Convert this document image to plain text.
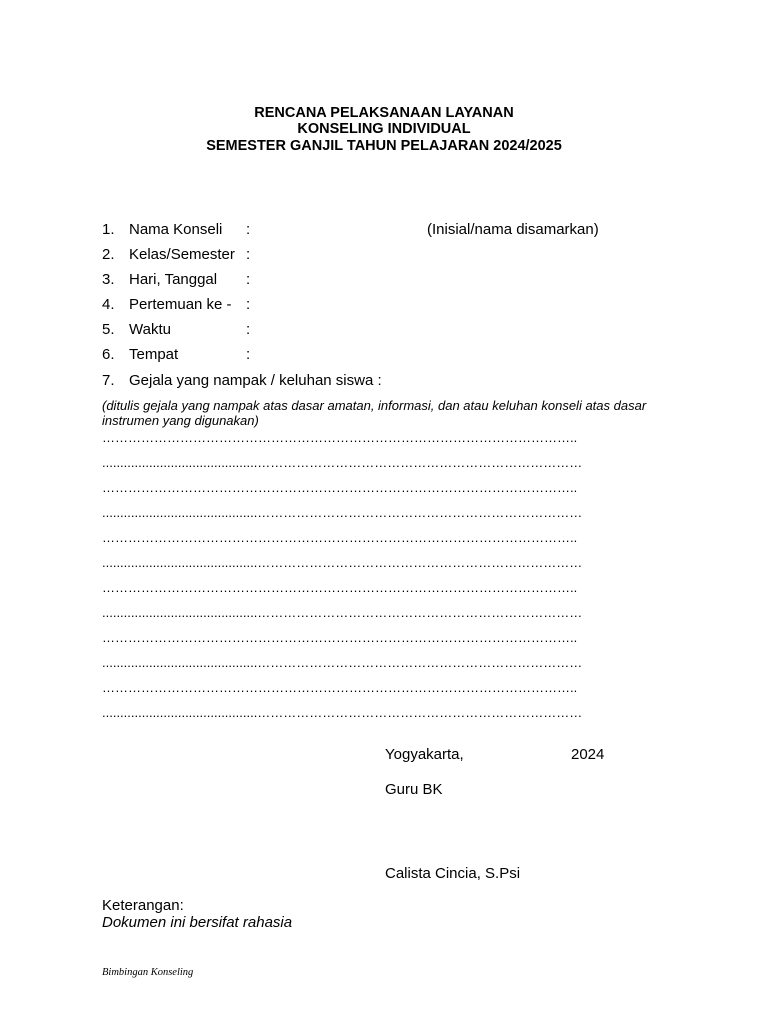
RENCANA PELAKSANAAN LAYANAN
KONSELING INDIVIDUAL
SEMESTER GANJIL TAHUN PELAJARAN 2024/2025
1. Nama Konseli :	(Inisial/nama disamarkan)
2. Kelas/Semester :
3. Hari, Tanggal :
4. Pertemuan ke - :
5. Waktu	:
6. Tempat	:
7. Gejala yang nampak / keluhan siswa :

(ditulis gejala yang nampak atas dasar amatan, informasi, dan atau keluhan konseli atas dasar instrumen yang digunakan)

………………………………………………………………………………………………..
...........................................…………………………………………………………………
………………………………………………………………………………………………..
...........................................…………………………………………………………………
………………………………………………………………………………………………..
...........................................…………………………………………………………………
………………………………………………………………………………………………..
...........................................…………………………………………………………………
………………………………………………………………………………………………..
...........................................…………………………………………………………………
………………………………………………………………………………………………..
...........................................…………………………………………………………………
Yogyakarta,	2024
Guru BK
Calista Cincia, S.Psi
Keterangan:
Dokumen ini bersifat rahasia
Bimbingan Konseling
